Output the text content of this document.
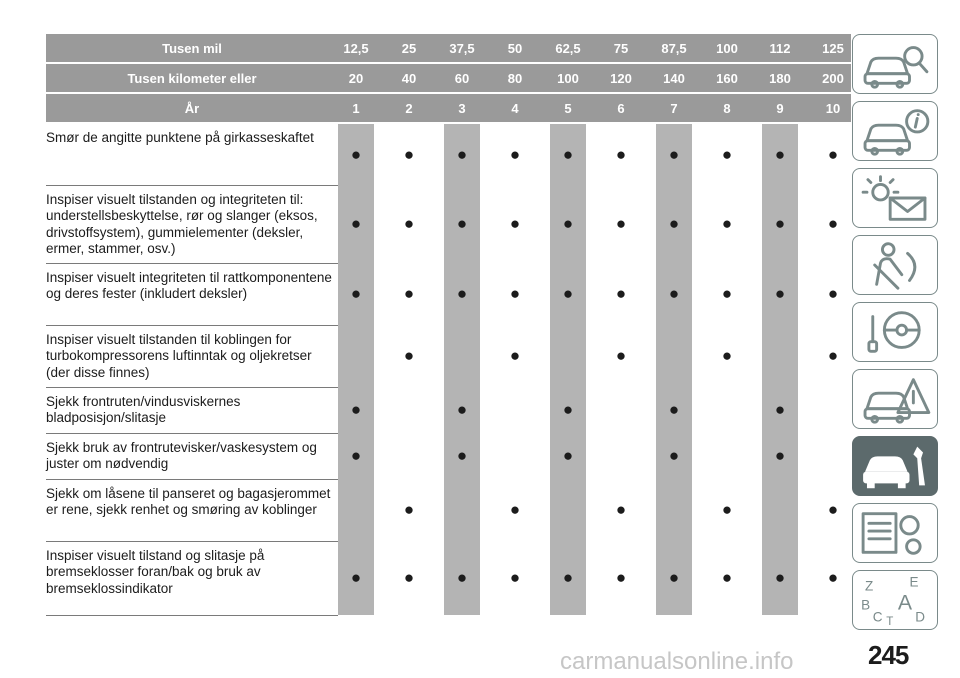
Tusen mil	12,5		25		37,5		50		62,5		75		87,5		100		112		125
Tusen kilometer eller	20		40		60		80		100		120		140		160		180		200
År	1		2		3		4		5		6		7		8		9		10
Smør de angitte punktene på girkasseskaftet	●		●		●		●		●		●		●		●		●		●
Inspiser visuelt tilstanden og integriteten til: understellsbeskyttelse, rør og slanger (eksos, drivstoffsystem), gummielementer (deksler, ermer, stammer, osv.)	●		●		●		●		●		●		●		●		●		●
Inspiser visuelt integriteten til rattkomponentene og deres fester (inkludert deksler)	●		●		●		●		●		●		●		●		●		●
Inspiser visuelt tilstanden til koblingen for turbokompressorens luftinntak og oljekretser (der disse finnes)			●				●				●				●				●
Sjekk frontruten/vindusviskernes bladposisjon/slitasje	●				●				●				●				●		
Sjekk bruk av frontrutevisker/vaskesystem og juster om nødvendig	●				●				●				●				●		
Sjekk om låsene til panseret og bagasjerommet er rene, sjekk renhet og smøring av koblinger			●				●				●				●				●
Inspiser visuelt tilstand og slitasje på bremseklosser foran/bak og bruk av bremseklossindikator	●		●		●		●		●		●		●		●		●		● Z	E
B A
C D
T
245
carmanualsonline.info
